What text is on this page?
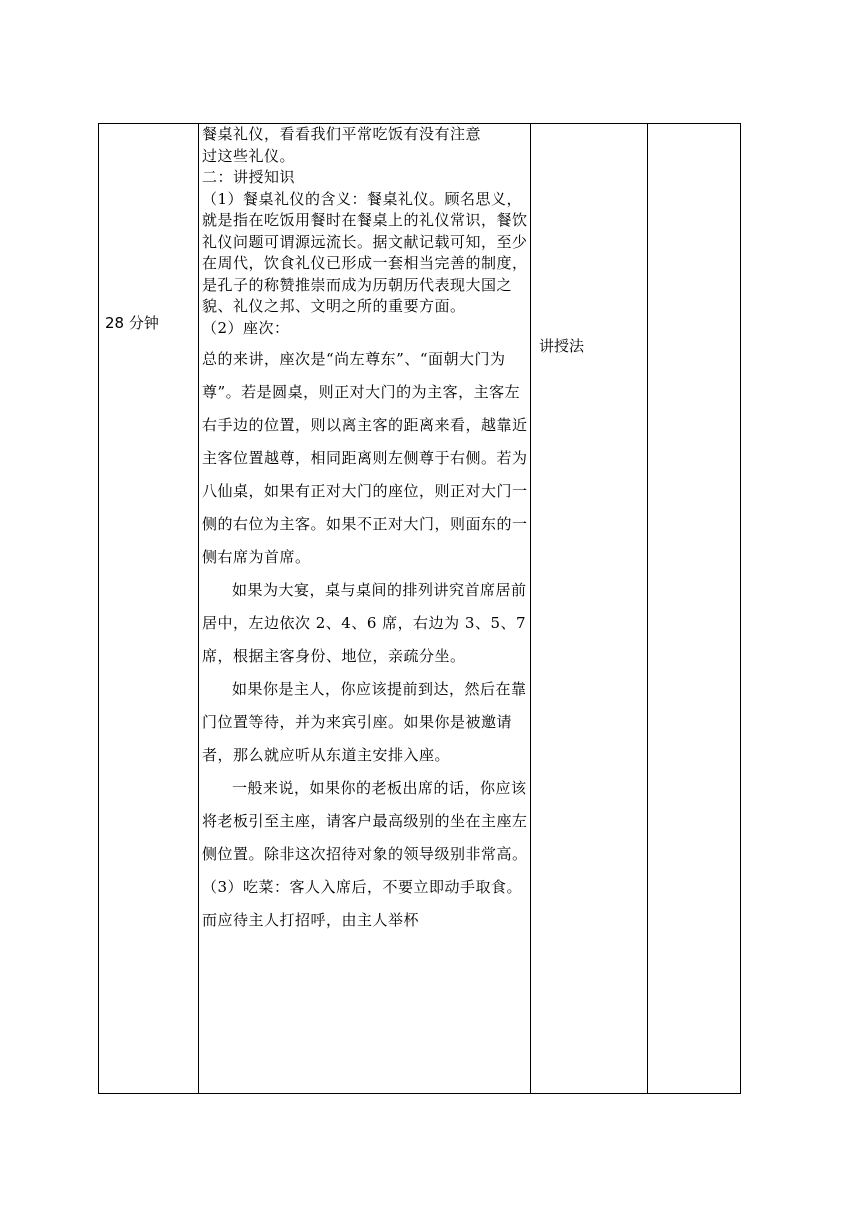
28 分钟

餐桌礼仪，看看我们平常吃饭有没有注意

过这些礼仪。

二：讲授知识

（1）餐桌礼仪的含义：餐桌礼仪。顾名思义，就是指在吃饭用餐时在餐桌上的礼仪常识，餐饮礼仪问题可谓源远流长。据文献记载可知，至少在周代，饮食礼仪已形成一套相当完善的制度，是孔子的称赞推崇而成为历朝历代表现大国之貌、礼仪之邦、文明之所的重要方面。

（2）座次：

总的来讲，座次是“尚左尊东”、“面朝大门为尊”。若是圆桌，则正对大门的为主客，主客左右手边的位置，则以离主客的距离来看，越靠近主客位置越尊，相同距离则左侧尊于右侧。若为八仙桌，如果有正对大门的座位，则正对大门一侧的右位为主客。如果不正对大门，则面东的一侧右席为首席。

如果为大宴，桌与桌间的排列讲究首席居前居中，左边依次 2、4、6 席，右边为 3、5、7 席，根据主客身份、地位，亲疏分坐。

如果你是主人，你应该提前到达，然后在靠门位置等待，并为来宾引座。如果你是被邀请者，那么就应听从东道主安排入座。

一般来说，如果你的老板出席的话，你应该将老板引至主座，请客户最高级别的坐在主座左侧位置。除非这次招待对象的领导级别非常高。

（3）吃菜：客人入席后，不要立即动手取食。而应待主人打招呼，由主人举杯

讲授法
